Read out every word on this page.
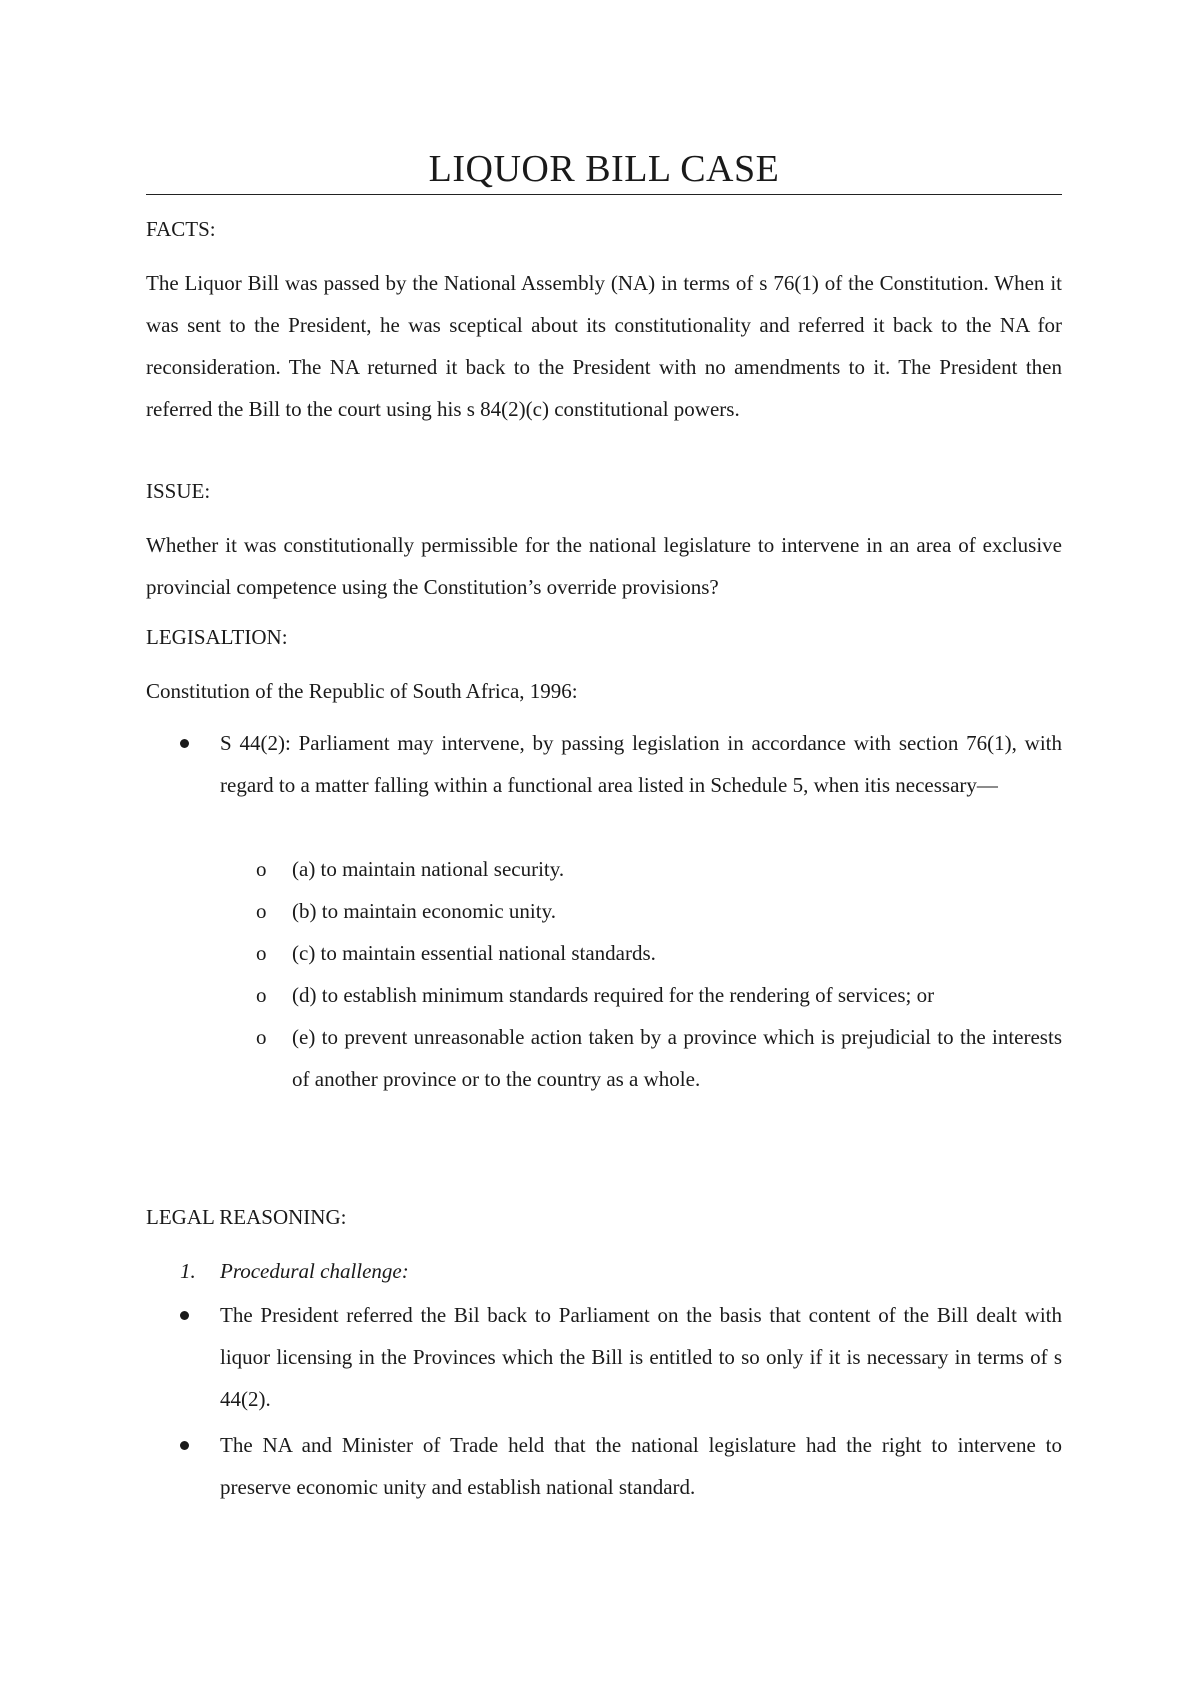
LIQUOR BILL CASE
FACTS:
The Liquor Bill was passed by the National Assembly (NA) in terms of s 76(1) of the Constitution. When it was sent to the President, he was sceptical about its constitutionality and referred it back to the NA for reconsideration. The NA returned it back to the President with no amendments to it. The President then referred the Bill to the court using his s 84(2)(c) constitutional powers.
ISSUE:
Whether it was constitutionally permissible for the national legislature to intervene in an area of exclusive provincial competence using the Constitution’s override provisions?
LEGISALTION:
Constitution of the Republic of South Africa, 1996:
S 44(2): Parliament may intervene, by passing legislation in accordance with section 76(1), with regard to a matter falling within a functional area listed in Schedule 5, when itis necessary—
o (a) to maintain national security.
o (b) to maintain economic unity.
o (c) to maintain essential national standards.
o (d) to establish minimum standards required for the rendering of services; or
o (e) to prevent unreasonable action taken by a province which is prejudicial to the interests of another province or to the country as a whole.
LEGAL REASONING:
1. Procedural challenge:
The President referred the Bil back to Parliament on the basis that content of the Bill dealt with liquor licensing in the Provinces which the Bill is entitled to so only if it is necessary in terms of s 44(2).
The NA and Minister of Trade held that the national legislature had the right to intervene to preserve economic unity and establish national standard.
